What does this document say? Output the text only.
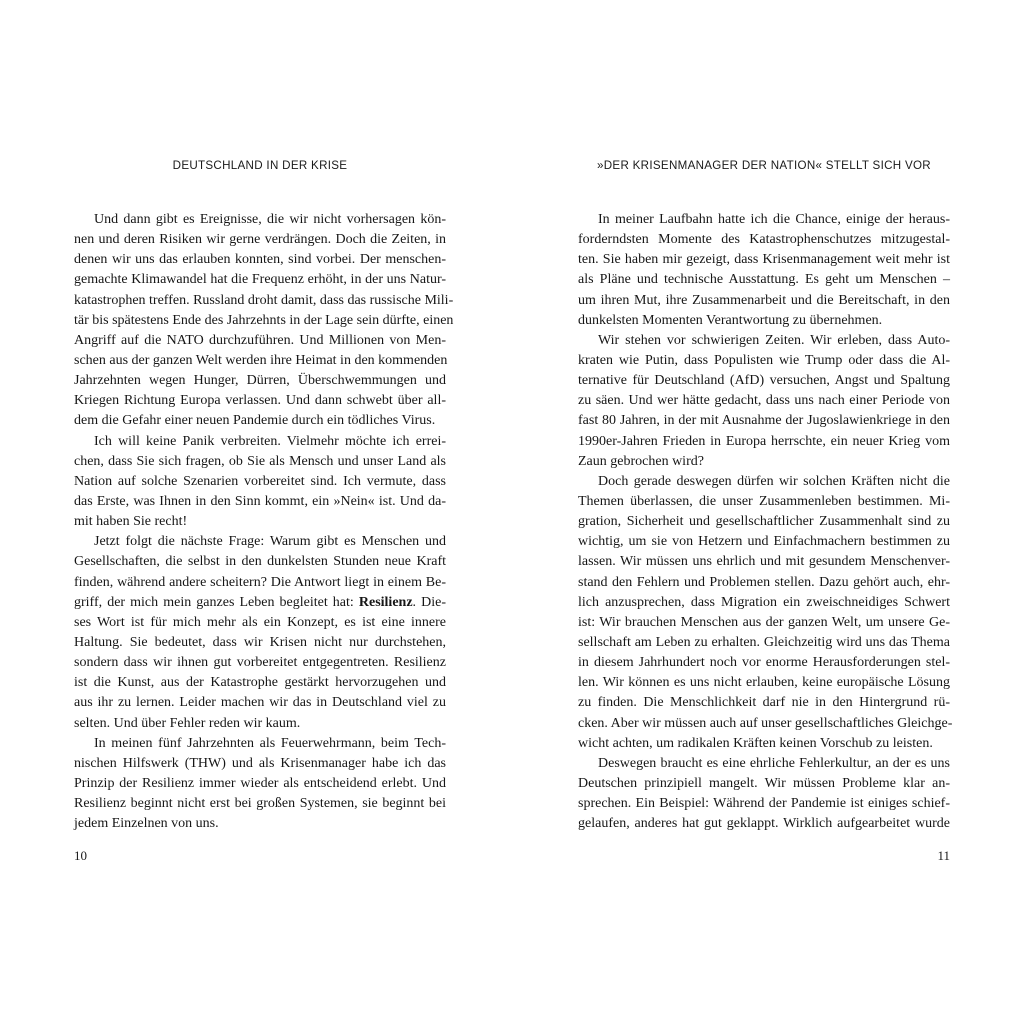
DEUTSCHLAND IN DER KRISE
Und dann gibt es Ereignisse, die wir nicht vorhersagen kön-
nen und deren Risiken wir gerne verdrängen. Doch die Zeiten, in
denen wir uns das erlauben konnten, sind vorbei. Der menschen-
gemachte Klimawandel hat die Frequenz erhöht, in der uns Natur-
katastrophen treffen. Russland droht damit, dass das russische Mili-
tär bis spätestens Ende des Jahrzehnts in der Lage sein dürfte, einen
Angriff auf die NATO durchzuführen. Und Millionen von Men-
schen aus der ganzen Welt werden ihre Heimat in den kommenden
Jahrzehnten wegen Hunger, Dürren, Überschwemmungen und
Kriegen Richtung Europa verlassen. Und dann schwebt über all-
dem die Gefahr einer neuen Pandemie durch ein tödliches Virus.
Ich will keine Panik verbreiten. Vielmehr möchte ich errei-
chen, dass Sie sich fragen, ob Sie als Mensch und unser Land als
Nation auf solche Szenarien vorbereitet sind. Ich vermute, dass
das Erste, was Ihnen in den Sinn kommt, ein »Nein« ist. Und da-
mit haben Sie recht!
Jetzt folgt die nächste Frage: Warum gibt es Menschen und
Gesellschaften, die selbst in den dunkelsten Stunden neue Kraft
finden, während andere scheitern? Die Antwort liegt in einem Be-
griff, der mich mein ganzes Leben begleitet hat: Resilienz. Die-
ses Wort ist für mich mehr als ein Konzept, es ist eine innere
Haltung. Sie bedeutet, dass wir Krisen nicht nur durchstehen,
sondern dass wir ihnen gut vorbereitet entgegentreten. Resilienz
ist die Kunst, aus der Katastrophe gestärkt hervorzugehen und
aus ihr zu lernen. Leider machen wir das in Deutschland viel zu
selten. Und über Fehler reden wir kaum.
In meinen fünf Jahrzehnten als Feuerwehrmann, beim Tech-
nischen Hilfswerk (THW) und als Krisenmanager habe ich das
Prinzip der Resilienz immer wieder als entscheidend erlebt. Und
Resilienz beginnt nicht erst bei großen Systemen, sie beginnt bei
jedem Einzelnen von uns.
10
»DER KRISENMANAGER DER NATION« STELLT SICH VOR
In meiner Laufbahn hatte ich die Chance, einige der heraus-
forderndsten Momente des Katastrophenschutzes mitzugestal-
ten. Sie haben mir gezeigt, dass Krisenmanagement weit mehr ist
als Pläne und technische Ausstattung. Es geht um Menschen –
um ihren Mut, ihre Zusammenarbeit und die Bereitschaft, in den
dunkelsten Momenten Verantwortung zu übernehmen.
Wir stehen vor schwierigen Zeiten. Wir erleben, dass Auto-
kraten wie Putin, dass Populisten wie Trump oder dass die Al-
ternative für Deutschland (AfD) versuchen, Angst und Spaltung
zu säen. Und wer hätte gedacht, dass uns nach einer Periode von
fast 80 Jahren, in der mit Ausnahme der Jugoslawienkriege in den
1990er-Jahren Frieden in Europa herrschte, ein neuer Krieg vom
Zaun gebrochen wird?
Doch gerade deswegen dürfen wir solchen Kräften nicht die
Themen überlassen, die unser Zusammenleben bestimmen. Mi-
gration, Sicherheit und gesellschaftlicher Zusammenhalt sind zu
wichtig, um sie von Hetzern und Einfachmachern bestimmen zu
lassen. Wir müssen uns ehrlich und mit gesundem Menschenver-
stand den Fehlern und Problemen stellen. Dazu gehört auch, ehr-
lich anzusprechen, dass Migration ein zweischneidiges Schwert
ist: Wir brauchen Menschen aus der ganzen Welt, um unsere Ge-
sellschaft am Leben zu erhalten. Gleichzeitig wird uns das Thema
in diesem Jahrhundert noch vor enorme Herausforderungen stel-
len. Wir können es uns nicht erlauben, keine europäische Lösung
zu finden. Die Menschlichkeit darf nie in den Hintergrund rü-
cken. Aber wir müssen auch auf unser gesellschaftliches Gleichge-
wicht achten, um radikalen Kräften keinen Vorschub zu leisten.
Deswegen braucht es eine ehrliche Fehlerkultur, an der es uns
Deutschen prinzipiell mangelt. Wir müssen Probleme klar an-
sprechen. Ein Beispiel: Während der Pandemie ist einiges schief-
gelaufen, anderes hat gut geklappt. Wirklich aufgearbeitet wurde
11
